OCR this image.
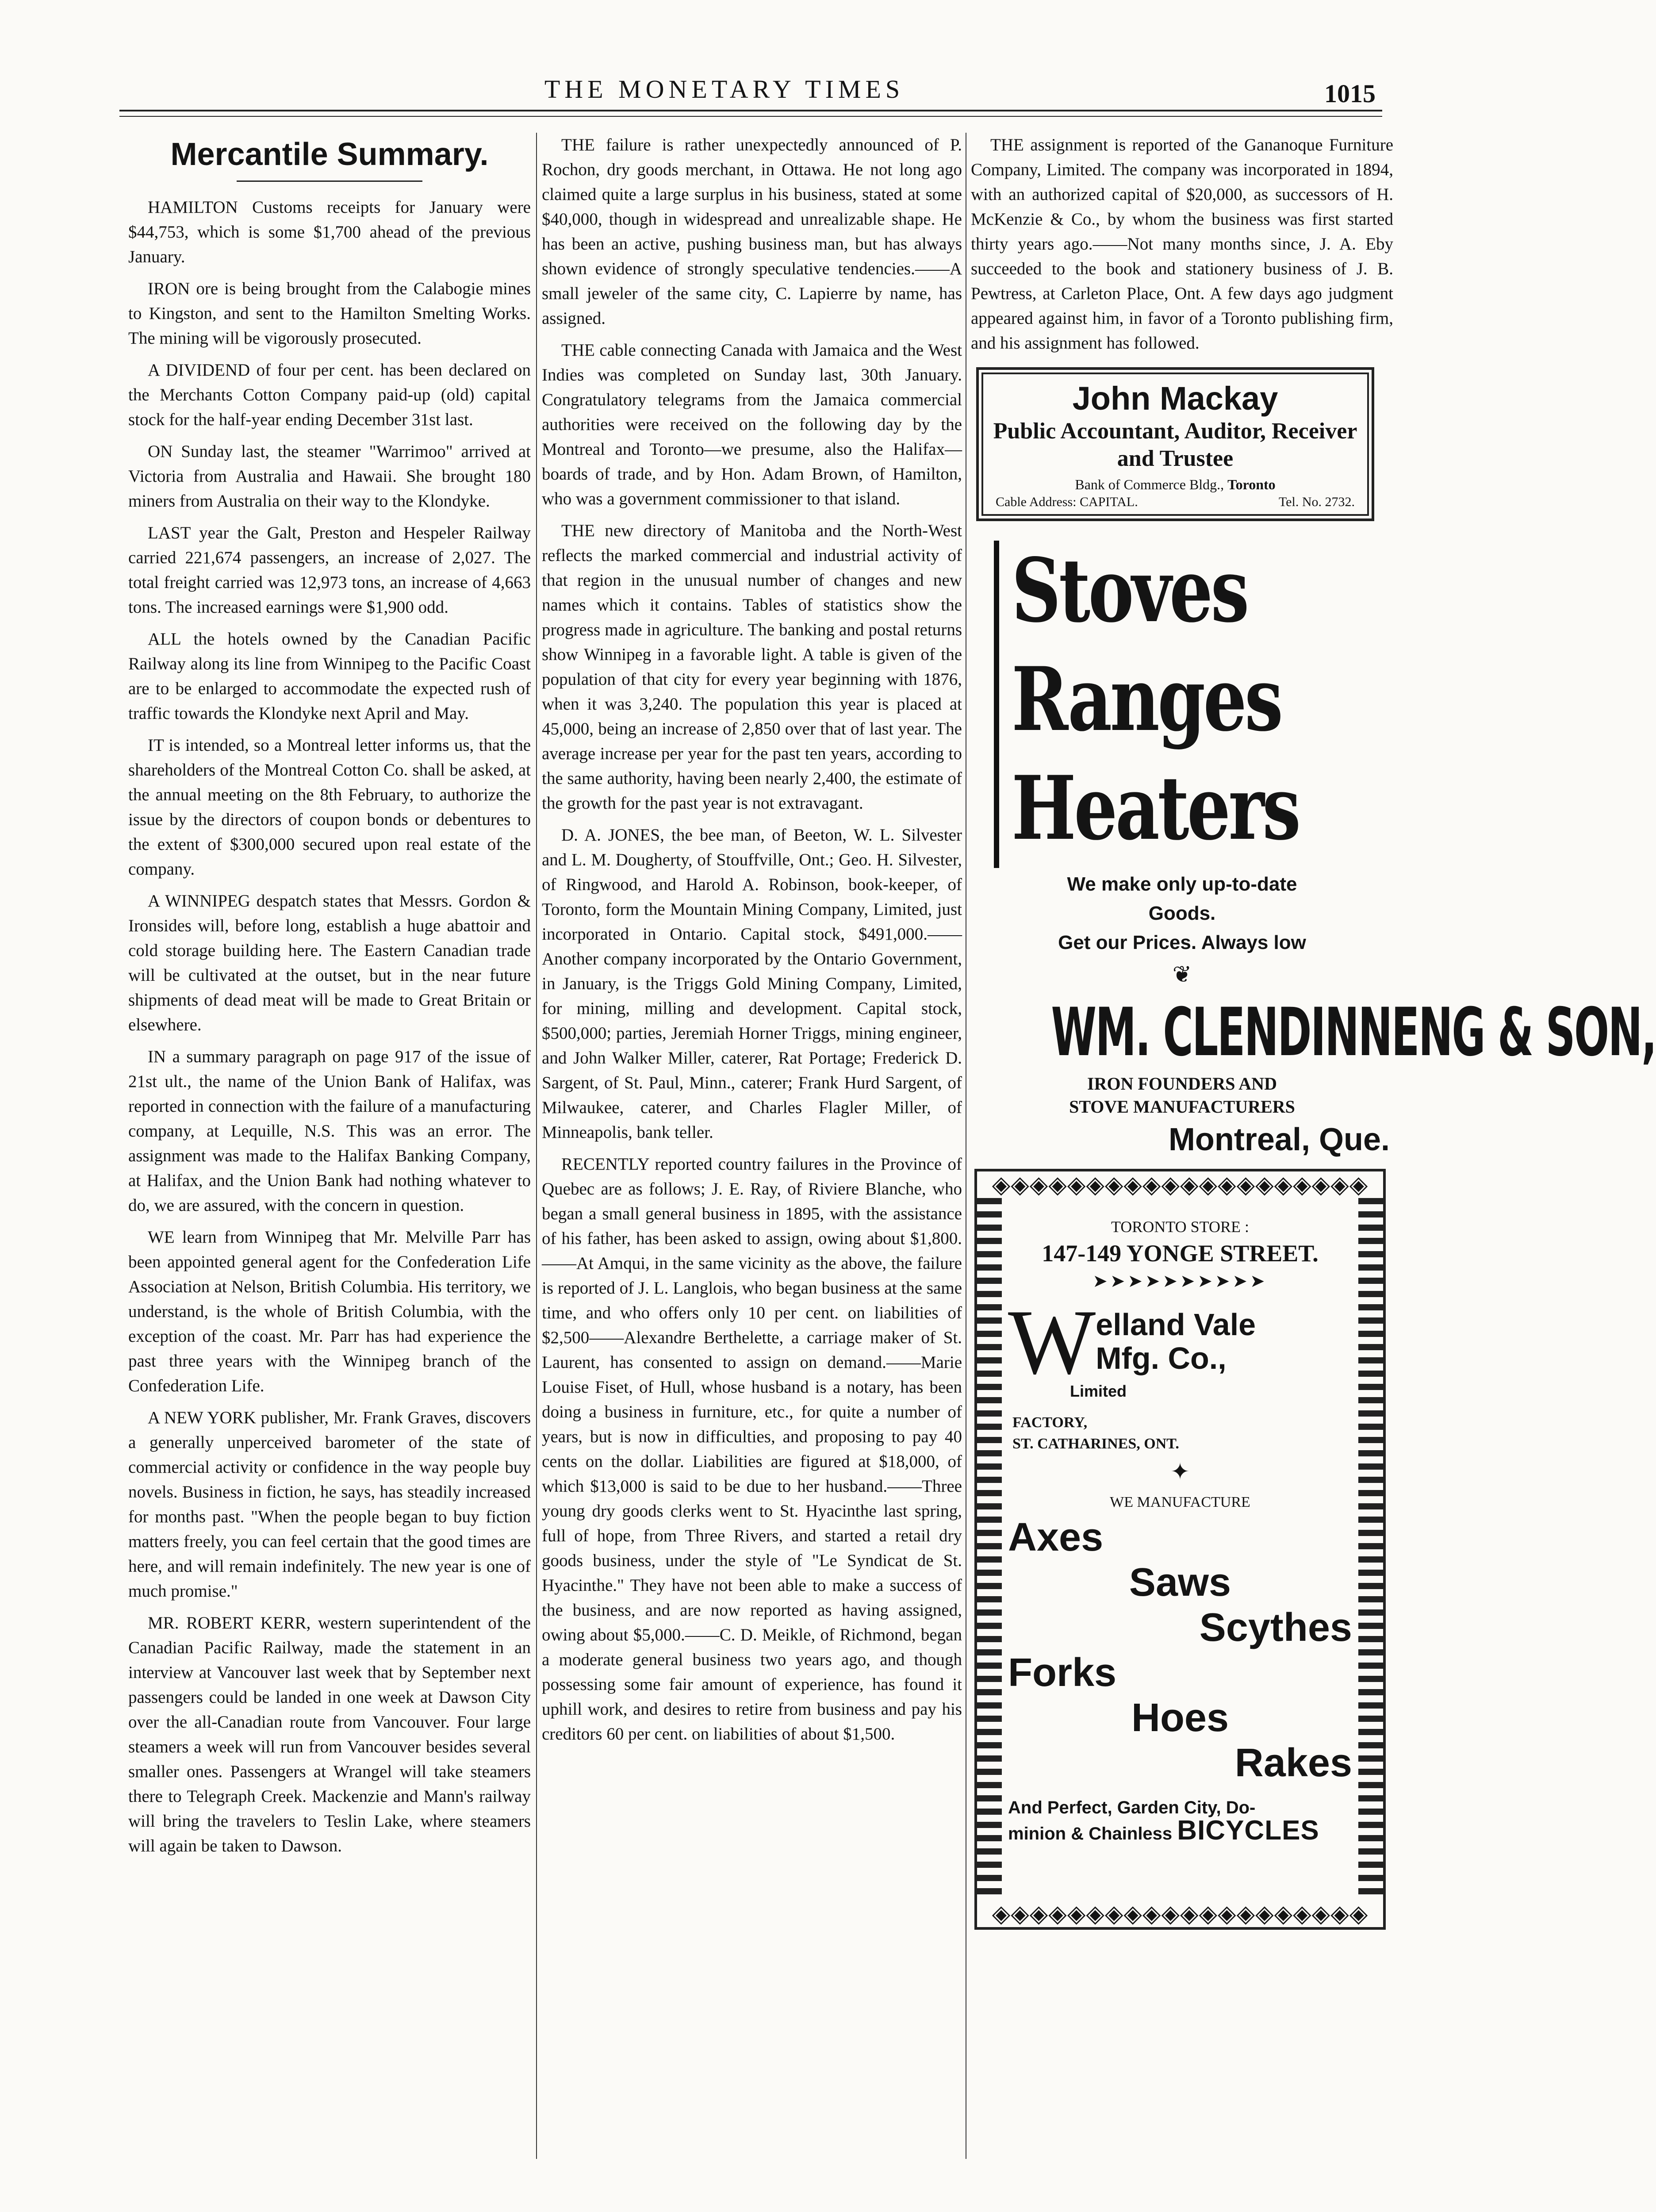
THE MONETARY TIMES	1015
Mercantile Summary.

HAMILTON Customs receipts for January were $44,753, which is some $1,700 ahead of the previous January.

IRON ore is being brought from the Calabogie mines to Kingston, and sent to the Hamilton Smelting Works. The mining will be vigorously prosecuted.

A DIVIDEND of four per cent. has been declared on the Merchants Cotton Company paid-up (old) capital stock for the half-year ending December 31st last.

ON Sunday last, the steamer "Warrimoo" arrived at Victoria from Australia and Hawaii. She brought 180 miners from Australia on their way to the Klondyke.

LAST year the Galt, Preston and Hespeler Railway carried 221,674 passengers, an increase of 2,027. The total freight carried was 12,973 tons, an increase of 4,663 tons. The increased earnings were $1,900 odd.

ALL the hotels owned by the Canadian Pacific Railway along its line from Winnipeg to the Pacific Coast are to be enlarged to accommodate the expected rush of traffic towards the Klondyke next April and May.

IT is intended, so a Montreal letter informs us, that the shareholders of the Montreal Cotton Co. shall be asked, at the annual meeting on the 8th February, to authorize the issue by the directors of coupon bonds or debentures to the extent of $300,000 secured upon real estate of the company.

A WINNIPEG despatch states that Messrs. Gordon & Ironsides will, before long, establish a huge abattoir and cold storage building here. The Eastern Canadian trade will be cultivated at the outset, but in the near future shipments of dead meat will be made to Great Britain or elsewhere.

IN a summary paragraph on page 917 of the issue of 21st ult., the name of the Union Bank of Halifax, was reported in connection with the failure of a manufacturing company, at Lequille, N.S. This was an error. The assignment was made to the Halifax Banking Company, at Halifax, and the Union Bank had nothing whatever to do, we are assured, with the concern in question.

WE learn from Winnipeg that Mr. Melville Parr has been appointed general agent for the Confederation Life Association at Nelson, British Columbia. His territory, we understand, is the whole of British Columbia, with the exception of the coast. Mr. Parr has had experience the past three years with the Winnipeg branch of the Confederation Life.

A NEW YORK publisher, Mr. Frank Graves, discovers a generally unperceived barometer of the state of commercial activity or confidence in the way people buy novels. Business in fiction, he says, has steadily increased for months past. "When the people began to buy fiction matters freely, you can feel certain that the good times are here, and will remain indefinitely. The new year is one of much promise."

MR. ROBERT KERR, western superintendent of the Canadian Pacific Railway, made the statement in an interview at Vancouver last week that by September next passengers could be landed in one week at Dawson City over the all-Canadian route from Vancouver. Four large steamers a week will run from Vancouver besides several smaller ones. Passengers at Wrangel will take steamers there to Telegraph Creek. Mackenzie and Mann's railway will bring the travelers to Teslin Lake, where steamers will again be taken to Dawson.

THE failure is rather unexpectedly announced of P. Rochon, dry goods merchant, in Ottawa. He not long ago claimed quite a large surplus in his business, stated at some $40,000, though in widespread and unrealizable shape. He has been an active, pushing business man, but has always shown evidence of strongly speculative tendencies.——A small jeweler of the same city, C. Lapierre by name, has assigned.

THE cable connecting Canada with Jamaica and the West Indies was completed on Sunday last, 30th January. Congratulatory telegrams from the Jamaica commercial authorities were received on the following day by the Montreal and Toronto—we presume, also the Halifax—boards of trade, and by Hon. Adam Brown, of Hamilton, who was a government commissioner to that island.

THE new directory of Manitoba and the North-West reflects the marked commercial and industrial activity of that region in the unusual number of changes and new names which it contains. Tables of statistics show the progress made in agriculture. The banking and postal returns show Winnipeg in a favorable light. A table is given of the population of that city for every year beginning with 1876, when it was 3,240. The population this year is placed at 45,000, being an increase of 2,850 over that of last year. The average increase per year for the past ten years, according to the same authority, having been nearly 2,400, the estimate of the growth for the past year is not extravagant.

D. A. JONES, the bee man, of Beeton, W. L. Silvester and L. M. Dougherty, of Stouffville, Ont.; Geo. H. Silvester, of Ringwood, and Harold A. Robinson, book-keeper, of Toronto, form the Mountain Mining Company, Limited, just incorporated in Ontario. Capital stock, $491,000.——Another company incorporated by the Ontario Government, in January, is the Triggs Gold Mining Company, Limited, for mining, milling and development. Capital stock, $500,000; parties, Jeremiah Horner Triggs, mining engineer, and John Walker Miller, caterer, Rat Portage; Frederick D. Sargent, of St. Paul, Minn., caterer; Frank Hurd Sargent, of Milwaukee, caterer, and Charles Flagler Miller, of Minneapolis, bank teller.

RECENTLY reported country failures in the Province of Quebec are as follows; J. E. Ray, of Riviere Blanche, who began a small general business in 1895, with the assistance of his father, has been asked to assign, owing about $1,800.——At Amqui, in the same vicinity as the above, the failure is reported of J. L. Langlois, who began business at the same time, and who offers only 10 per cent. on liabilities of $2,500——Alexandre Berthelette, a carriage maker of St. Laurent, has consented to assign on demand.——Marie Louise Fiset, of Hull, whose husband is a notary, has been doing a business in furniture, etc., for quite a number of years, but is now in difficulties, and proposing to pay 40 cents on the dollar. Liabilities are figured at $18,000, of which $13,000 is said to be due to her husband.——Three young dry goods clerks went to St. Hyacinthe last spring, full of hope, from Three Rivers, and started a retail dry goods business, under the style of "Le Syndicat de St. Hyacinthe." They have not been able to make a success of the business, and are now reported as having assigned, owing about $5,000.——C. D. Meikle, of Richmond, began a moderate general business two years ago, and though possessing some fair amount of experience, has found it uphill work, and desires to retire from business and pay his creditors 60 per cent. on liabilities of about $1,500.

THE assignment is reported of the Gananoque Furniture Company, Limited. The company was incorporated in 1894, with an authorized capital of $20,000, as successors of H. McKenzie & Co., by whom the business was first started thirty years ago.——Not many months since, J. A. Eby succeeded to the book and stationery business of J. B. Pewtress, at Carleton Place, Ont. A few days ago judgment appeared against him, in favor of a Toronto publishing firm, and his assignment has followed.

John Mackay
Public Accountant, Auditor, Receiver
and Trustee
Bank of Commerce Bldg., Toronto
Cable Address: CAPITAL.	Tel. No. 2732.
Stoves
Ranges
Heaters
We make only up-to-date
Goods.
Get our Prices. Always low
❦
WM. CLENDINNENG & SON,
IRON FOUNDERS AND
STOVE MANUFACTURERS
Montreal, Que.
◈◈◈◈◈◈◈◈◈◈◈◈◈◈◈◈◈◈◈◈
◈◈◈◈◈◈◈◈◈◈◈◈◈◈◈◈◈◈◈◈
TORONTO STORE :
147-149 YONGE STREET.
➤➤➤➤➤➤➤➤➤➤
W elland Vale
Mfg. Co.,
Limited
FACTORY,
ST. CATHARINES, ONT.
✦
WE MANUFACTURE
Axes
Saws
Scythes
Forks
Hoes
Rakes
And Perfect, Garden City, Do-
minion & Chainless BICYCLES
